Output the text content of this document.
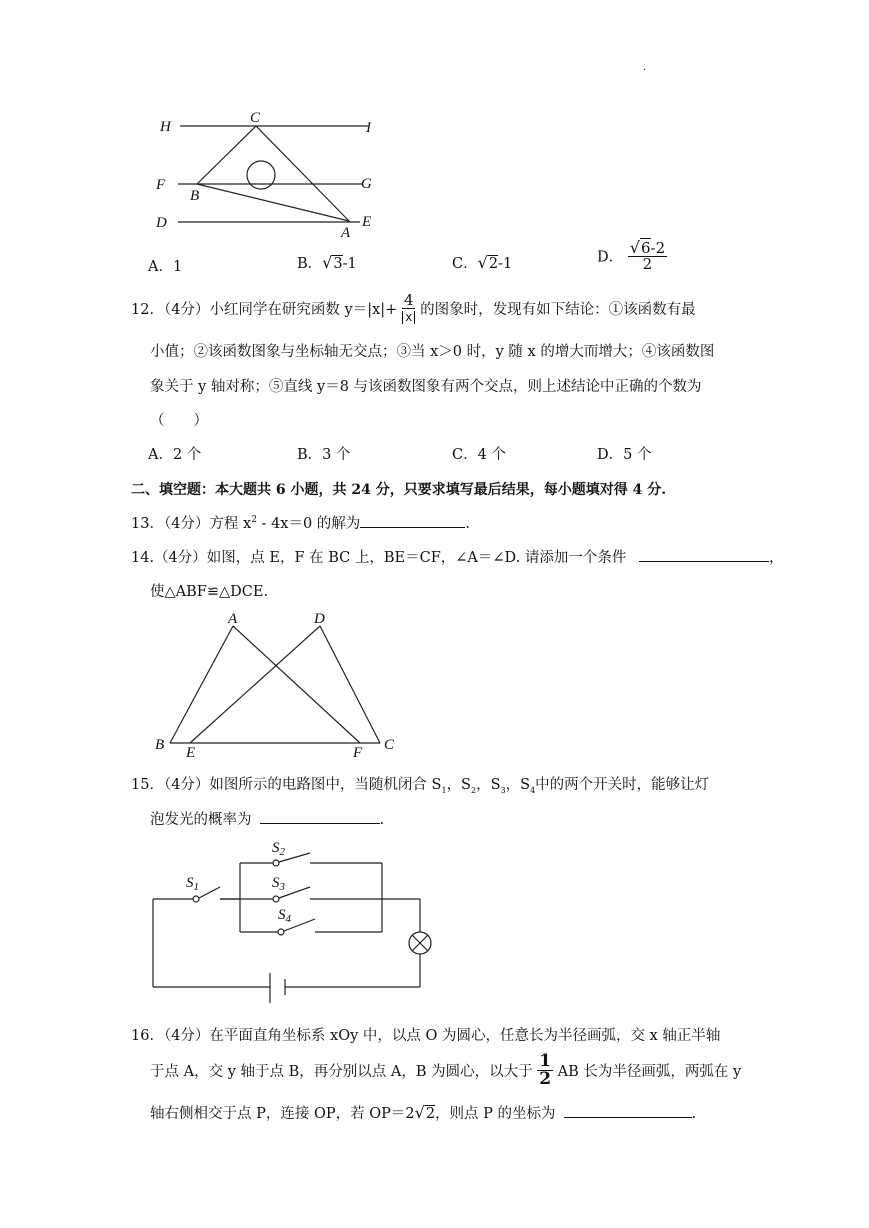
.
H
C
I
F
B
G
D
A
E
A．1	B．√3-1	C．√2-1	D． $\frac{√6-2}{2}$
12．（4分）小红同学在研究函数 $y=|x|+ \frac{4}{x}$ 的图象时，发现有如下结论：①该函数有最
小值；②该函数图象与坐标轴无交点；③当 x＞0 时，y 随 x 的增大而增大；④该函数图
象关于 y 轴对称；⑤直线 y＝8 与该函数图象有两个交点，则上述结论中正确的个数为
（　　）
A．2 个	B．3 个	C．4 个	D．5 个
二、填空题：本大题共 6 小题，共 24 分，只要求填写最后结果，每小题填对得 4 分.
13．（4分）方程 $x^2 - 4x=0$ 的解为	.
14.（4分）如图，点 E，F 在 BC 上，BE＝CF，∠A＝∠D. 请添加一个条件	，
使△ABF≌△DCE.
A	D
B E	F C
15．（4分）如图所示的电路图中，当随机闭合 $S_1$，$S_2$，$S_3$，$S_4$中的两个开关时，能够让灯
泡发光的概率为	.
$S_1$
$S_2$
$S_3$
$S_4$
16．（4分）在平面直角坐标系 xOy 中，以点 O 为圆心，任意长为半径画弧，交 x 轴正半轴
于点 A，交 y 轴于点 B，再分别以点 A，B 为圆心，以大于 $\frac{1}{2}$ AB 长为半径画弧，两弧在 y
轴右侧相交于点 P，连接 OP，若 OP＝2√2，则点 P 的坐标为	.
